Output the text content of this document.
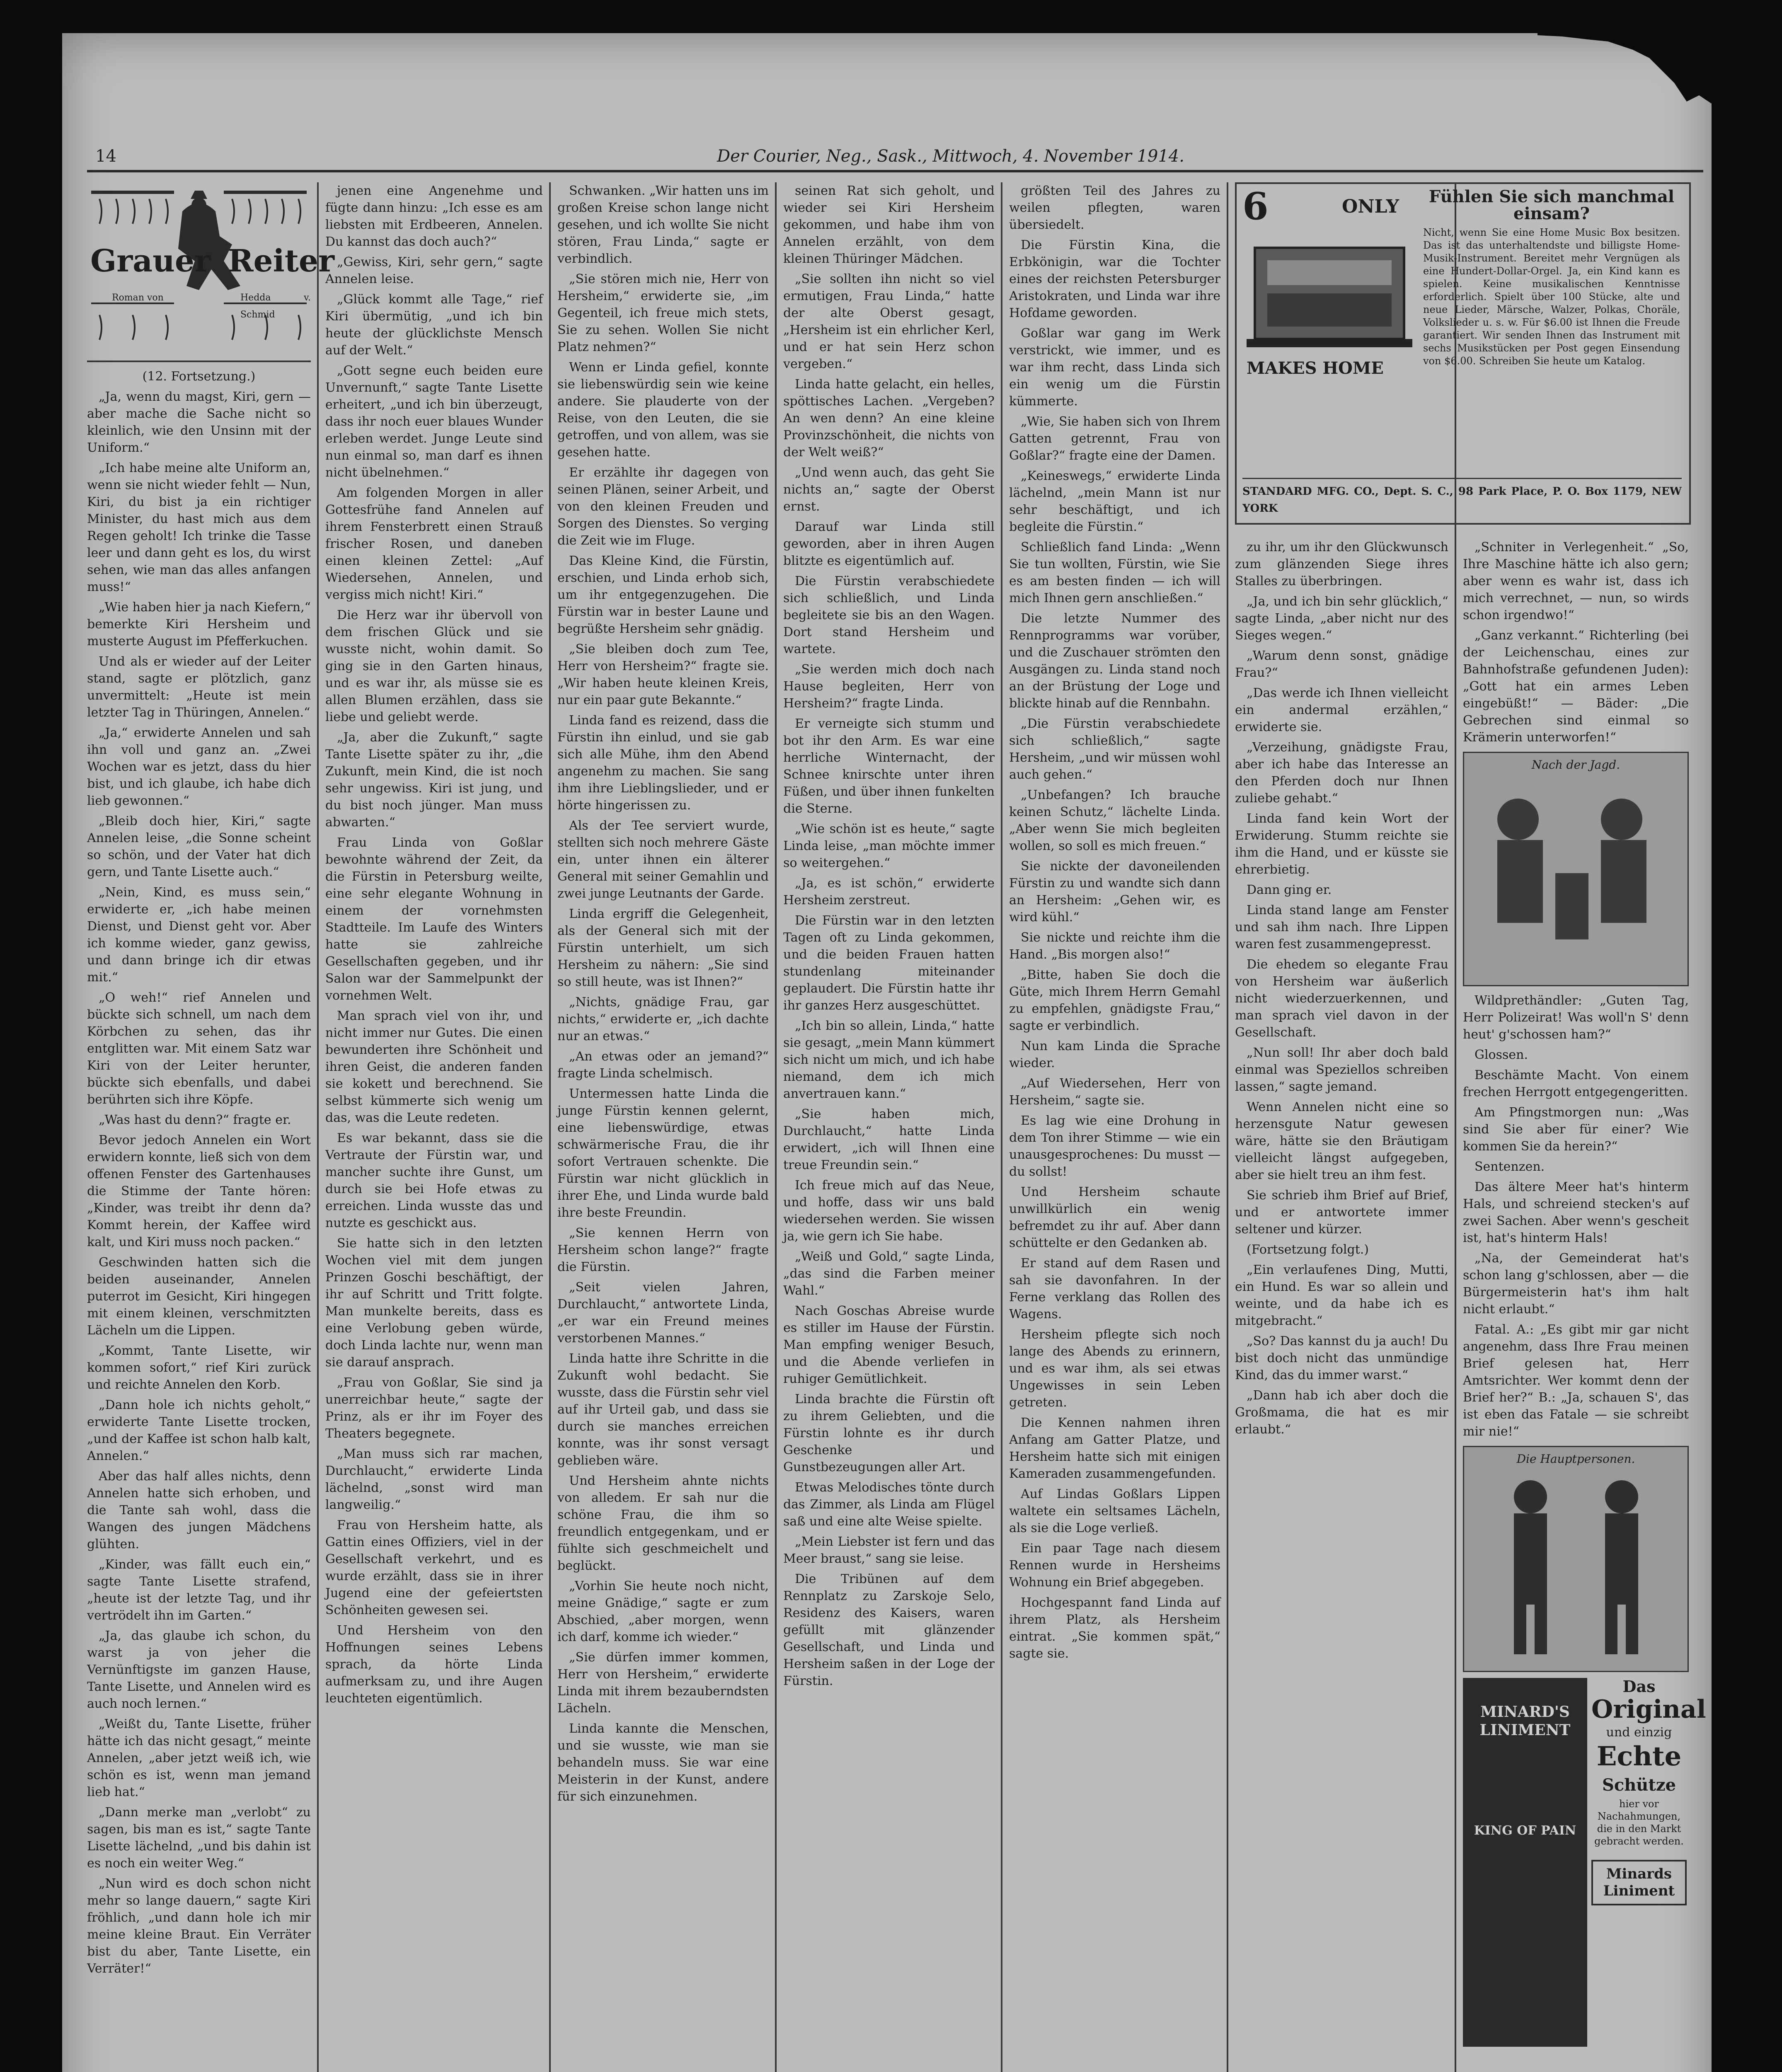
14	Der Courier, Neg., Sask., Mittwoch, 4. November 1914.
Grauer Reiter
Roman von	Hedda v. Schmid

(12. Fortsetzung.)

„Ja, wenn du magst, Kiri, gern — aber mache die Sache nicht so kleinlich, wie den Unsinn mit der Uniform.“

„Ich habe meine alte Uniform an, wenn sie nicht wieder fehlt — Nun, Kiri, du bist ja ein richtiger Minister, du hast mich aus dem Regen geholt! Ich trinke die Tasse leer und dann geht es los, du wirst sehen, wie man das alles anfangen muss!“

„Wie haben hier ja nach Kiefern,“ bemerkte Kiri Hersheim und musterte August im Pfefferkuchen.

Und als er wieder auf der Leiter stand, sagte er plötzlich, ganz unvermittelt: „Heute ist mein letzter Tag in Thüringen, Annelen.“

„Ja,“ erwiderte Annelen und sah ihn voll und ganz an. „Zwei Wochen war es jetzt, dass du hier bist, und ich glaube, ich habe dich lieb gewonnen.“

„Bleib doch hier, Kiri,“ sagte Annelen leise, „die Sonne scheint so schön, und der Vater hat dich gern, und Tante Lisette auch.“

„Nein, Kind, es muss sein,“ erwiderte er, „ich habe meinen Dienst, und Dienst geht vor. Aber ich komme wieder, ganz gewiss, und dann bringe ich dir etwas mit.“

„O weh!“ rief Annelen und bückte sich schnell, um nach dem Körbchen zu sehen, das ihr entglitten war. Mit einem Satz war Kiri von der Leiter herunter, bückte sich ebenfalls, und dabei berührten sich ihre Köpfe.

„Was hast du denn?“ fragte er.

Bevor jedoch Annelen ein Wort erwidern konnte, ließ sich von dem offenen Fenster des Gartenhauses die Stimme der Tante hören: „Kinder, was treibt ihr denn da? Kommt herein, der Kaffee wird kalt, und Kiri muss noch packen.“

Geschwinden hatten sich die beiden auseinander, Annelen puterrot im Gesicht, Kiri hingegen mit einem kleinen, verschmitzten Lächeln um die Lippen.

„Kommt, Tante Lisette, wir kommen sofort,“ rief Kiri zurück und reichte Annelen den Korb.

„Dann hole ich nichts geholt,“ erwiderte Tante Lisette trocken, „und der Kaffee ist schon halb kalt, Annelen.“

Aber das half alles nichts, denn Annelen hatte sich erhoben, und die Tante sah wohl, dass die Wangen des jungen Mädchens glühten.

„Kinder, was fällt euch ein,“ sagte Tante Lisette strafend, „heute ist der letzte Tag, und ihr vertrödelt ihn im Garten.“

„Ja, das glaube ich schon, du warst ja von jeher die Vernünftigste im ganzen Hause, Tante Lisette, und Annelen wird es auch noch lernen.“

„Weißt du, Tante Lisette, früher hätte ich das nicht gesagt,“ meinte Annelen, „aber jetzt weiß ich, wie schön es ist, wenn man jemand lieb hat.“

„Dann merke man „verlobt“ zu sagen, bis man es ist,“ sagte Tante Lisette lächelnd, „und bis dahin ist es noch ein weiter Weg.“

„Nun wird es doch schon nicht mehr so lange dauern,“ sagte Kiri fröhlich, „und dann hole ich mir meine kleine Braut. Ein Verräter bist du aber, Tante Lisette, ein Verräter!“

jenen eine Angenehme und fügte dann hinzu: „Ich esse es am liebsten mit Erdbeeren, Annelen. Du kannst das doch auch?“

„Gewiss, Kiri, sehr gern,“ sagte Annelen leise.

„Glück kommt alle Tage,“ rief Kiri übermütig, „und ich bin heute der glücklichste Mensch auf der Welt.“

„Gott segne euch beiden eure Unvernunft,“ sagte Tante Lisette erheitert, „und ich bin überzeugt, dass ihr noch euer blaues Wunder erleben werdet. Junge Leute sind nun einmal so, man darf es ihnen nicht übelnehmen.“

Am folgenden Morgen in aller Gottesfrühe fand Annelen auf ihrem Fensterbrett einen Strauß frischer Rosen, und daneben einen kleinen Zettel: „Auf Wiedersehen, Annelen, und vergiss mich nicht! Kiri.“

Die Herz war ihr übervoll von dem frischen Glück und sie wusste nicht, wohin damit. So ging sie in den Garten hinaus, und es war ihr, als müsse sie es allen Blumen erzählen, dass sie liebe und geliebt werde.

„Ja, aber die Zukunft,“ sagte Tante Lisette später zu ihr, „die Zukunft, mein Kind, die ist noch sehr ungewiss. Kiri ist jung, und du bist noch jünger. Man muss abwarten.“

Frau Linda von Goßlar bewohnte während der Zeit, da die Fürstin in Petersburg weilte, eine sehr elegante Wohnung in einem der vornehmsten Stadtteile. Im Laufe des Winters hatte sie zahlreiche Gesellschaften gegeben, und ihr Salon war der Sammelpunkt der vornehmen Welt.

Man sprach viel von ihr, und nicht immer nur Gutes. Die einen bewunderten ihre Schönheit und ihren Geist, die anderen fanden sie kokett und berechnend. Sie selbst kümmerte sich wenig um das, was die Leute redeten.

Es war bekannt, dass sie die Vertraute der Fürstin war, und mancher suchte ihre Gunst, um durch sie bei Hofe etwas zu erreichen. Linda wusste das und nutzte es geschickt aus.

Sie hatte sich in den letzten Wochen viel mit dem jungen Prinzen Goschi beschäftigt, der ihr auf Schritt und Tritt folgte. Man munkelte bereits, dass es eine Verlobung geben würde, doch Linda lachte nur, wenn man sie darauf ansprach.

„Frau von Goßlar, Sie sind ja unerreichbar heute,“ sagte der Prinz, als er ihr im Foyer des Theaters begegnete.

„Man muss sich rar machen, Durchlaucht,“ erwiderte Linda lächelnd, „sonst wird man langweilig.“

Frau von Hersheim hatte, als Gattin eines Offiziers, viel in der Gesellschaft verkehrt, und es wurde erzählt, dass sie in ihrer Jugend eine der gefeiertsten Schönheiten gewesen sei.

Und Hersheim von den Hoffnungen seines Lebens sprach, da hörte Linda aufmerksam zu, und ihre Augen leuchteten eigentümlich.

Schwanken. „Wir hatten uns im großen Kreise schon lange nicht gesehen, und ich wollte Sie nicht stören, Frau Linda,“ sagte er verbindlich.

„Sie stören mich nie, Herr von Hersheim,“ erwiderte sie, „im Gegenteil, ich freue mich stets, Sie zu sehen. Wollen Sie nicht Platz nehmen?“

Wenn er Linda gefiel, konnte sie liebenswürdig sein wie keine andere. Sie plauderte von der Reise, von den Leuten, die sie getroffen, und von allem, was sie gesehen hatte.

Er erzählte ihr dagegen von seinen Plänen, seiner Arbeit, und von den kleinen Freuden und Sorgen des Dienstes. So verging die Zeit wie im Fluge.

Das Kleine Kind, die Fürstin, erschien, und Linda erhob sich, um ihr entgegenzugehen. Die Fürstin war in bester Laune und begrüßte Hersheim sehr gnädig.

„Sie bleiben doch zum Tee, Herr von Hersheim?“ fragte sie. „Wir haben heute kleinen Kreis, nur ein paar gute Bekannte.“

Linda fand es reizend, dass die Fürstin ihn einlud, und sie gab sich alle Mühe, ihm den Abend angenehm zu machen. Sie sang ihm ihre Lieblingslieder, und er hörte hingerissen zu.

Als der Tee serviert wurde, stellten sich noch mehrere Gäste ein, unter ihnen ein älterer General mit seiner Gemahlin und zwei junge Leutnants der Garde.

Linda ergriff die Gelegenheit, als der General sich mit der Fürstin unterhielt, um sich Hersheim zu nähern: „Sie sind so still heute, was ist Ihnen?“

„Nichts, gnädige Frau, gar nichts,“ erwiderte er, „ich dachte nur an etwas.“

„An etwas oder an jemand?“ fragte Linda schelmisch.

Untermessen hatte Linda die junge Fürstin kennen gelernt, eine liebenswürdige, etwas schwärmerische Frau, die ihr sofort Vertrauen schenkte. Die Fürstin war nicht glücklich in ihrer Ehe, und Linda wurde bald ihre beste Freundin.

„Sie kennen Herrn von Hersheim schon lange?“ fragte die Fürstin.

„Seit vielen Jahren, Durchlaucht,“ antwortete Linda, „er war ein Freund meines verstorbenen Mannes.“

Linda hatte ihre Schritte in die Zukunft wohl bedacht. Sie wusste, dass die Fürstin sehr viel auf ihr Urteil gab, und dass sie durch sie manches erreichen konnte, was ihr sonst versagt geblieben wäre.

Und Hersheim ahnte nichts von alledem. Er sah nur die schöne Frau, die ihm so freundlich entgegenkam, und er fühlte sich geschmeichelt und beglückt.

„Vorhin Sie heute noch nicht, meine Gnädige,“ sagte er zum Abschied, „aber morgen, wenn ich darf, komme ich wieder.“

„Sie dürfen immer kommen, Herr von Hersheim,“ erwiderte Linda mit ihrem bezauberndsten Lächeln.

Linda kannte die Menschen, und sie wusste, wie man sie behandeln muss. Sie war eine Meisterin in der Kunst, andere für sich einzunehmen.

seinen Rat sich geholt, und wieder sei Kiri Hersheim gekommen, und habe ihm von Annelen erzählt, von dem kleinen Thüringer Mädchen.

„Sie sollten ihn nicht so viel ermutigen, Frau Linda,“ hatte der alte Oberst gesagt, „Hersheim ist ein ehrlicher Kerl, und er hat sein Herz schon vergeben.“

Linda hatte gelacht, ein helles, spöttisches Lachen. „Vergeben? An wen denn? An eine kleine Provinzschönheit, die nichts von der Welt weiß?“

„Und wenn auch, das geht Sie nichts an,“ sagte der Oberst ernst.

Darauf war Linda still geworden, aber in ihren Augen blitzte es eigentümlich auf.

Die Fürstin verabschiedete sich schließlich, und Linda begleitete sie bis an den Wagen. Dort stand Hersheim und wartete.

„Sie werden mich doch nach Hause begleiten, Herr von Hersheim?“ fragte Linda.

Er verneigte sich stumm und bot ihr den Arm. Es war eine herrliche Winternacht, der Schnee knirschte unter ihren Füßen, und über ihnen funkelten die Sterne.

„Wie schön ist es heute,“ sagte Linda leise, „man möchte immer so weitergehen.“

„Ja, es ist schön,“ erwiderte Hersheim zerstreut.

Die Fürstin war in den letzten Tagen oft zu Linda gekommen, und die beiden Frauen hatten stundenlang miteinander geplaudert. Die Fürstin hatte ihr ihr ganzes Herz ausgeschüttet.

„Ich bin so allein, Linda,“ hatte sie gesagt, „mein Mann kümmert sich nicht um mich, und ich habe niemand, dem ich mich anvertrauen kann.“

„Sie haben mich, Durchlaucht,“ hatte Linda erwidert, „ich will Ihnen eine treue Freundin sein.“

Ich freue mich auf das Neue, und hoffe, dass wir uns bald wiedersehen werden. Sie wissen ja, wie gern ich Sie habe.

„Weiß und Gold,“ sagte Linda, „das sind die Farben meiner Wahl.“

Nach Goschas Abreise wurde es stiller im Hause der Fürstin. Man empfing weniger Besuch, und die Abende verliefen in ruhiger Gemütlichkeit.

Linda brachte die Fürstin oft zu ihrem Geliebten, und die Fürstin lohnte es ihr durch Geschenke und Gunstbezeugungen aller Art.

Etwas Melodisches tönte durch das Zimmer, als Linda am Flügel saß und eine alte Weise spielte.

„Mein Liebster ist fern und das Meer braust,“ sang sie leise.

Die Tribünen auf dem Rennplatz zu Zarskoje Selo, Residenz des Kaisers, waren gefüllt mit glänzender Gesellschaft, und Linda und Hersheim saßen in der Loge der Fürstin.

größten Teil des Jahres zu weilen pflegten, waren übersiedelt.

Die Fürstin Kina, die Erbkönigin, war die Tochter eines der reichsten Petersburger Aristokraten, und Linda war ihre Hofdame geworden.

Goßlar war gang im Werk verstrickt, wie immer, und es war ihm recht, dass Linda sich ein wenig um die Fürstin kümmerte.

„Wie, Sie haben sich von Ihrem Gatten getrennt, Frau von Goßlar?“ fragte eine der Damen.

„Keineswegs,“ erwiderte Linda lächelnd, „mein Mann ist nur sehr beschäftigt, und ich begleite die Fürstin.“

Schließlich fand Linda: „Wenn Sie tun wollten, Fürstin, wie Sie es am besten finden — ich will mich Ihnen gern anschließen.“

Die letzte Nummer des Rennprogramms war vorüber, und die Zuschauer strömten den Ausgängen zu. Linda stand noch an der Brüstung der Loge und blickte hinab auf die Rennbahn.

„Die Fürstin verabschiedete sich schließlich,“ sagte Hersheim, „und wir müssen wohl auch gehen.“

„Unbefangen? Ich brauche keinen Schutz,“ lächelte Linda. „Aber wenn Sie mich begleiten wollen, so soll es mich freuen.“

Sie nickte der davoneilenden Fürstin zu und wandte sich dann an Hersheim: „Gehen wir, es wird kühl.“

Sie nickte und reichte ihm die Hand. „Bis morgen also!“

„Bitte, haben Sie doch die Güte, mich Ihrem Herrn Gemahl zu empfehlen, gnädigste Frau,“ sagte er verbindlich.

Nun kam Linda die Sprache wieder.

„Auf Wiedersehen, Herr von Hersheim,“ sagte sie.

Es lag wie eine Drohung in dem Ton ihrer Stimme — wie ein unausgesprochenes: Du musst — du sollst!

Und Hersheim schaute unwillkürlich ein wenig befremdet zu ihr auf. Aber dann schüttelte er den Gedanken ab.

Er stand auf dem Rasen und sah sie davonfahren. In der Ferne verklang das Rollen des Wagens.

Hersheim pflegte sich noch lange des Abends zu erinnern, und es war ihm, als sei etwas Ungewisses in sein Leben getreten.

Die Kennen nahmen ihren Anfang am Gatter Platze, und Hersheim hatte sich mit einigen Kameraden zusammengefunden.

Auf Lindas Goßlars Lippen waltete ein seltsames Lächeln, als sie die Loge verließ.

Ein paar Tage nach diesem Rennen wurde in Hersheims Wohnung ein Brief abgegeben.

Hochgespannt fand Linda auf ihrem Platz, als Hersheim eintrat. „Sie kommen spät,“ sagte sie.

6	ONLY
MAKES HOME
Fühlen Sie sich manchmal einsam?
Nicht, wenn Sie eine Home Music Box besitzen. Das ist das unterhaltendste und billigste Home-Musik-Instrument. Bereitet mehr Vergnügen als eine Hundert-Dollar-Orgel. Ja, ein Kind kann es spielen. Keine musikalischen Kenntnisse erforderlich. Spielt über 100 Stücke, alte und neue Lieder, Märsche, Walzer, Polkas, Choräle, Volkslieder u. s. w. Für $6.00 ist Ihnen die Freude garantiert. Wir senden Ihnen das Instrument mit sechs Musikstücken per Post gegen Einsendung von $6.00. Schreiben Sie heute um Katalog.
STANDARD MFG. CO., Dept. S. C., 98 Park Place, P. O. Box 1179, NEW YORK

zu ihr, um ihr den Glückwunsch zum glänzenden Siege ihres Stalles zu überbringen.

„Ja, und ich bin sehr glücklich,“ sagte Linda, „aber nicht nur des Sieges wegen.“

„Warum denn sonst, gnädige Frau?“

„Das werde ich Ihnen vielleicht ein andermal erzählen,“ erwiderte sie.

„Verzeihung, gnädigste Frau, aber ich habe das Interesse an den Pferden doch nur Ihnen zuliebe gehabt.“

Linda fand kein Wort der Erwiderung. Stumm reichte sie ihm die Hand, und er küsste sie ehrerbietig.

Dann ging er.

Linda stand lange am Fenster und sah ihm nach. Ihre Lippen waren fest zusammengepresst.

Die ehedem so elegante Frau von Hersheim war äußerlich nicht wiederzuerkennen, und man sprach viel davon in der Gesellschaft.

„Nun soll! Ihr aber doch bald einmal was Speziellos schreiben lassen,“ sagte jemand.

Wenn Annelen nicht eine so herzensgute Natur gewesen wäre, hätte sie den Bräutigam vielleicht längst aufgegeben, aber sie hielt treu an ihm fest.

Sie schrieb ihm Brief auf Brief, und er antwortete immer seltener und kürzer.

(Fortsetzung folgt.)

„Ein verlaufenes Ding, Mutti, ein Hund. Es war so allein und weinte, und da habe ich es mitgebracht.“

„So? Das kannst du ja auch! Du bist doch nicht das unmündige Kind, das du immer warst.“

„Dann hab ich aber doch die Großmama, die hat es mir erlaubt.“

„Schniter in Verlegenheit.“ „So, Ihre Maschine hätte ich also gern; aber wenn es wahr ist, dass ich mich verrechnet, — nun, so wirds schon irgendwo!“

„Ganz verkannt.“ Richterling (bei der Leichenschau, eines zur Bahnhofstraße gefundenen Juden): „Gott hat ein armes Leben eingebüßt!“ — Bäder: „Die Gebrechen sind einmal so Krämerin unterworfen!“

Nach der Jagd.

Wildprethändler: „Guten Tag, Herr Polizeirat! Was woll'n S' denn heut' g'schossen ham?“

Glossen.

Beschämte Macht. Von einem frechen Herrgott entgegengeritten.

Am Pfingstmorgen nun: „Was sind Sie aber für einer? Wie kommen Sie da herein?“

Sentenzen.

Das ältere Meer hat's hinterm Hals, und schreiend stecken's auf zwei Sachen. Aber wenn's gescheit ist, hat's hinterm Hals!

„Na, der Gemeinderat hat's schon lang g'schlossen, aber — die Bürgermeisterin hat's ihm halt nicht erlaubt.“

Fatal. A.: „Es gibt mir gar nicht angenehm, dass Ihre Frau meinen Brief gelesen hat, Herr Amtsrichter. Wer kommt denn der Brief her?“ B.: „Ja, schauen S', das ist eben das Fatale — sie schreibt mir nie!“

Die Hauptpersonen.
MINARD'S LINIMENT
KING OF PAIN
Das
Original
und einzig
Echte
Schütze
hier vor Nachahmungen, die in den Markt gebracht werden.
Minards Liniment
